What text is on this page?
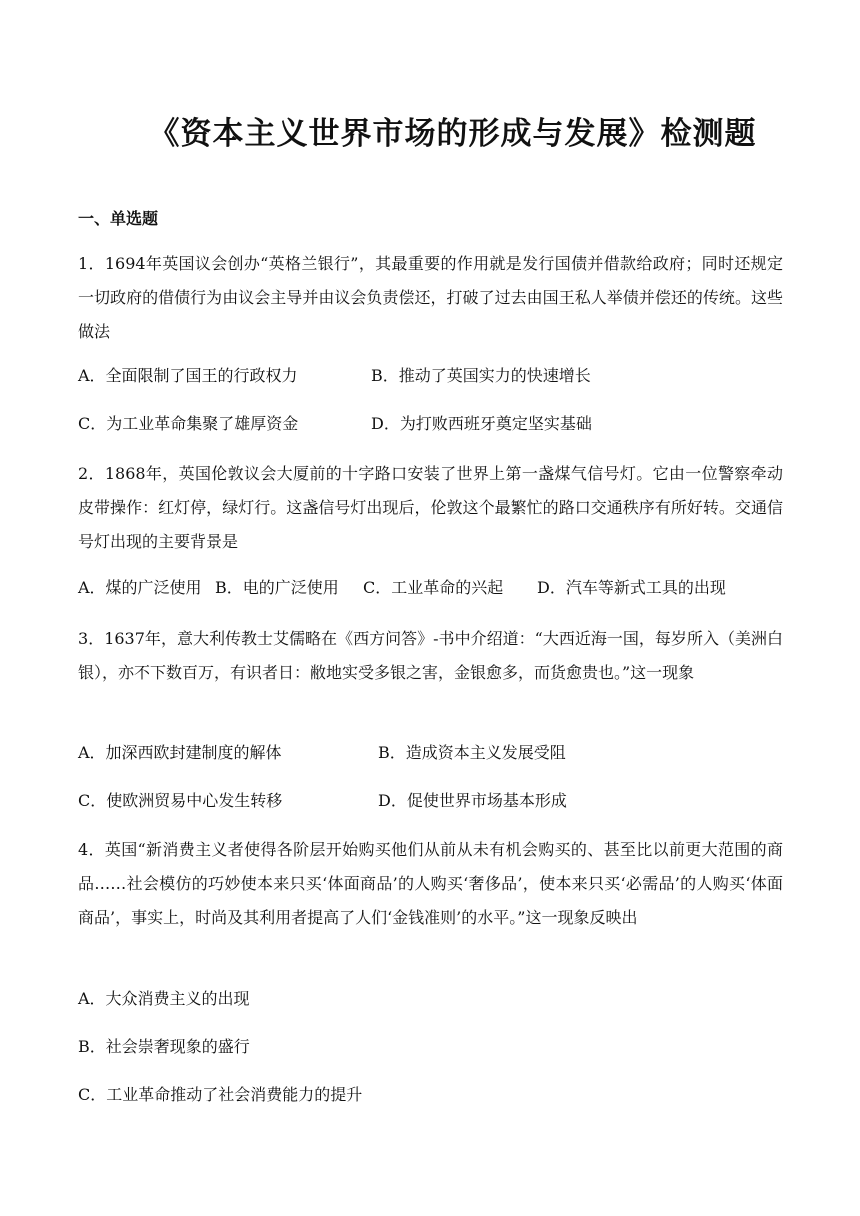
《资本主义世界市场的形成与发展》检测题

一、单选题

1．1694年英国议会创办“英格兰银行”，其最重要的作用就是发行国债并借款给政府；同时还规定一切政府的借债行为由议会主导并由议会负责偿还，打破了过去由国王私人举债并偿还的传统。这些做法

A．全面限制了国王的行政权力	B．推动了英国实力的快速增长

C．为工业革命集聚了雄厚资金	D．为打败西班牙奠定坚实基础

2．1868年，英国伦敦议会大厦前的十字路口安装了世界上第一盏煤气信号灯。它由一位警察牵动皮带操作：红灯停，绿灯行。这盏信号灯出现后，伦敦这个最繁忙的路口交通秩序有所好转。交通信号灯出现的主要背景是

A．煤的广泛使用 B．电的广泛使用 C．工业革命的兴起 D．汽车等新式工具的出现

3．1637年，意大利传教士艾儒略在《西方问答》-书中介绍道：“大西近海一国，每岁所入（美洲白银），亦不下数百万，有识者日：敝地实受多银之害，金银愈多，而货愈贵也。”这一现象

A．加深西欧封建制度的解体	B．造成资本主义发展受阻

C．使欧洲贸易中心发生转移	D．促使世界市场基本形成

4．英国“新消费主义者使得各阶层开始购买他们从前从未有机会购买的、甚至比以前更大范围的商品……社会模仿的巧妙使本来只买‘体面商品’的人购买‘奢侈品’，使本来只买‘必需品’的人购买‘体面商品’，事实上，时尚及其利用者提高了人们‘金钱准则’的水平。”这一现象反映出

A．大众消费主义的出现

B．社会崇奢现象的盛行

C．工业革命推动了社会消费能力的提升
